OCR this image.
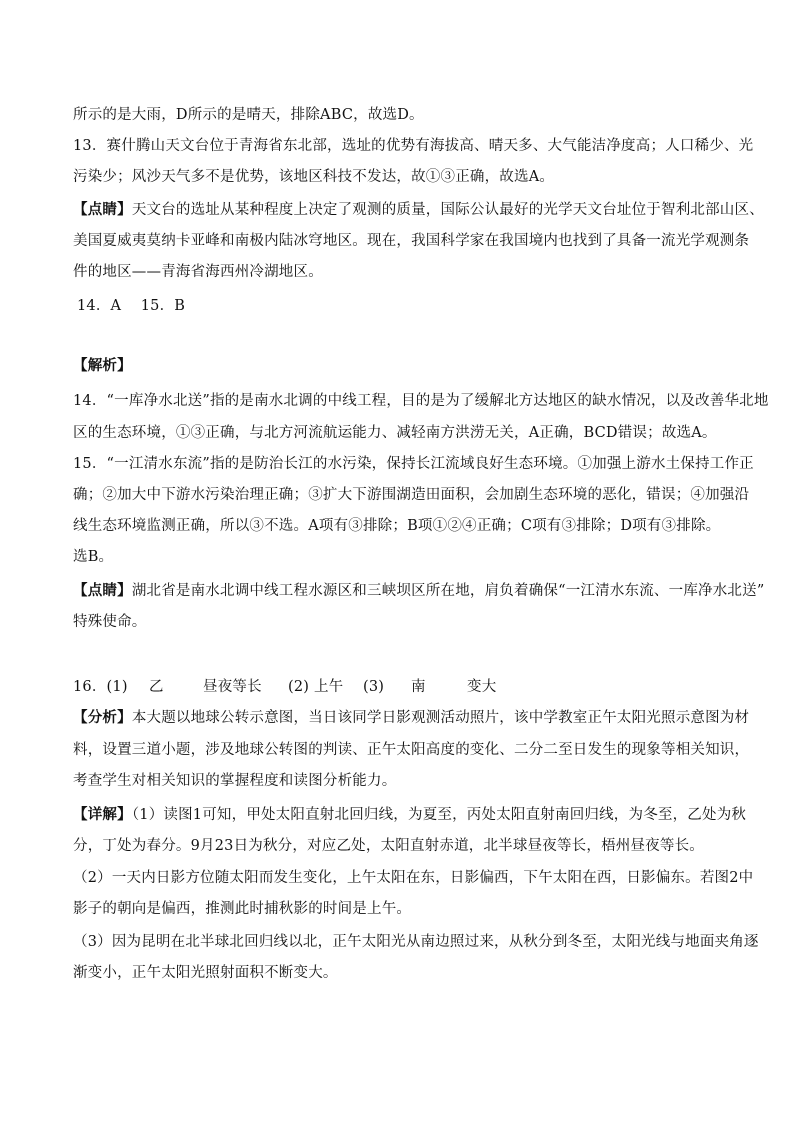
所示的是大雨，D所示的是晴天，排除ABC，故选D。
13．赛什腾山天文台位于青海省东北部，选址的优势有海拔高、晴天多、大气能洁净度高；人口稀少、光
污染少；风沙天气多不是优势，该地区科技不发达，故①③正确，故选A。
【点睛】天文台的选址从某种程度上决定了观测的质量，国际公认最好的光学天文台址位于智利北部山区、
美国夏威夷莫纳卡亚峰和南极内陆冰穹地区。现在，我国科学家在我国境内也找到了具备一流光学观测条
件的地区——青海省海西州冷湖地区。
14．A　 15．B
【解析】
14．“一库净水北送”指的是南水北调的中线工程，目的是为了缓解北方达地区的缺水情况，以及改善华北地
区的生态环境，①③正确，与北方河流航运能力、减轻南方洪涝无关，A正确，BCD错误；故选A。
15．“一江清水东流”指的是防治长江的水污染，保持长江流域良好生态环境。①加强上游水土保持工作正
确；②加大中下游水污染治理正确；③扩大下游围湖造田面积，会加剧生态环境的恶化，错误；④加强沿
线生态环境监测正确，所以③不选。A项有③排除；B项①②④正确；C项有③排除；D项有③排除。
选B。
【点睛】湖北省是南水北调中线工程水源区和三峡坝区所在地，肩负着确保“一江清水东流、一库净水北送”
特殊使命。
16．(1) 乙	昼夜等长 (2) 上午 (3) 南	变大
【分析】本大题以地球公转示意图，当日该同学日影观测活动照片，该中学教室正午太阳光照示意图为材
料，设置三道小题，涉及地球公转图的判读、正午太阳高度的变化、二分二至日发生的现象等相关知识，
考查学生对相关知识的掌握程度和读图分析能力。
【详解】（1）读图1可知，甲处太阳直射北回归线，为夏至，丙处太阳直射南回归线，为冬至，乙处为秋
分，丁处为春分。9月23日为秋分，对应乙处，太阳直射赤道，北半球昼夜等长，梧州昼夜等长。
（2）一天内日影方位随太阳而发生变化，上午太阳在东，日影偏西，下午太阳在西，日影偏东。若图2中
影子的朝向是偏西，推测此时捕秋影的时间是上午。
（3）因为昆明在北半球北回归线以北，正午太阳光从南边照过来，从秋分到冬至，太阳光线与地面夹角逐
渐变小，正午太阳光照射面积不断变大。
